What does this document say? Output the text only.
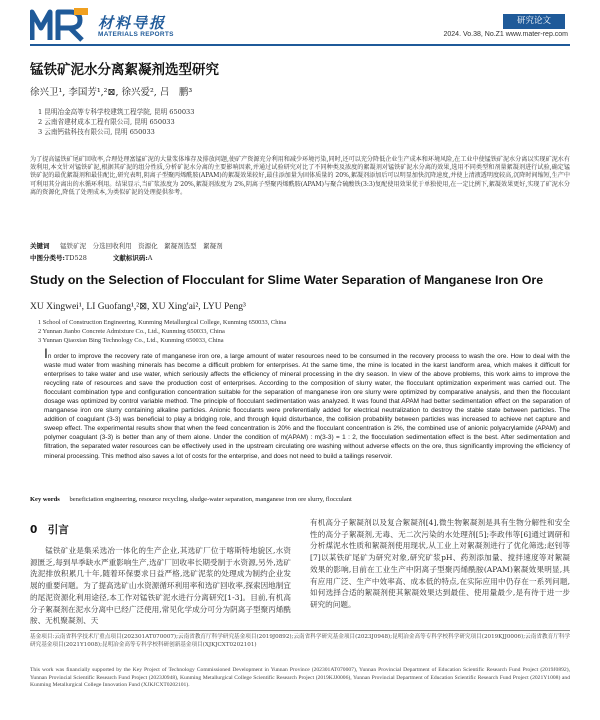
材料导报
MATERIALS REPORTS
研究论文
2024. Vo.38, No.Z1 www.mater-rep.com
锰铁矿泥水分离絮凝剂选型研究
徐兴卫¹, 李国芳¹,²⊠, 徐兴爱², 吕　鹏³
1 昆明冶金高等专科学校建筑工程学院, 昆明 650033
2 云南省建材成本工程有限公司, 昆明 650033
3 云南钙盐科技有限公司, 昆明 650033
为了提高锰铁矿尾矿回收率,合理处理富锰矿泥的大量浆体堆存及排放问题,使矿产资源充分利用和减少环境污染,同时,还可以充分降低企业生产成本和环境风险,在工业中使锰铁矿泥水分离以实现矿泥水有效利用,本文针对锰铁矿泥,根据其矿泥的组分性质,分析矿泥水分离的主要影响因素,并通过试验研究对比了不同种类及浓度的絮凝剂对锰铁矿泥水分离的效果,选用不同类型和剂量絮凝剂进行试验,确定锰铁矿泥的最优絮凝剂和最佳配比,研究表明,阴离子型聚丙烯酰胺(APAM)的絮凝效果较好,最佳添加量为固体质量的 20%,絮凝剂添加后可以明显加快沉降速度,并使上清液透明度较高,沉降时间缩短,生产中可利用其分离出的水循环利用。结果显示,当矿浆浓度为 20%,絮凝剂浓度为 2%,阴离子型聚丙烯酰胺(APAM)与聚合硫酸铁(3:3)复配使用效果优于单独使用,在一定比例下,絮凝效果更好,实现了矿泥水分离的资源化,降低了处理成本,为类似矿泥的处理提供参考。
关键词 　 锰铁矿泥　分选回收利用　资源化　絮凝剂选型　絮凝剂
中图分类号:TD528	文献标识码:A
Study on the Selection of Flocculant for Slime Water Separation of Manganese Iron Ore
XU Xingwei¹, LI Guofang¹,²⊠, XU Xing'ai², LYU Peng³
1 School of Construction Engineering, Kunming Metallurgical College, Kunming 650033, China
2 Yunnan Jianbo Concrete Admixture Co., Ltd., Kunming 650033, China
3 Yunnan Qiaoxian Bing Technology Co., Ltd., Kunming 650033, China
In order to improve the recovery rate of manganese iron ore, a large amount of water resources need to be consumed in the recovery process to wash the ore. How to deal with the waste mud water from washing minerals has become a difficult problem for enterprises. At the same time, the mine is located in the karst landform area, which makes it difficult for enterprises to take water and use water, which seriously affects the efficiency of mineral processing in the dry season. In view of the above problems, this work aims to improve the recycling rate of resources and save the production cost of enterprises. According to the composition of slurry water, the flocculant optimization experiment was carried out. The flocculant combination type and configuration concentration suitable for the separation of manganese iron ore slurry were optimized by comparative analysis, and then the flocculant dosage was optimized by control variable method. The principle of flocculant sedimentation was analyzed. It was found that APAM had better sedimentation effect on the separation of manganese iron ore slurry containing alkaline particles. Anionic flocculants were preferentially added for electrical neutralization to destroy the stable state between particles. The addition of coagulant (3-3) was beneficial to play a bridging role, and through liquid disturbance, the collision probability between particles was increased to achieve net capture and sweep effect. The experimental results show that when the feed concentration is 20% and the flocculant concentration is 2%, the combined use of anionic polyacrylamide (APAM) and polymer coagulant (3-3) is better than any of them alone. Under the condition of m(APAM) : m(3-3) = 1 : 2, the flocculation sedimentation effect is the best. After sedimentation and filtration, the separated water resources can be effectively used in the upstream circulating ore washing without adverse effects on the ore, thus significantly improving the efficiency of mineral processing. This method also saves a lot of costs for the enterprise, and does not need to build a tailings reservoir.
Key words beneficiation engineering, resource recycling, sludge-water separation, manganese iron ore slurry, flocculant
0　引言
锰铁矿业是集采选冶一体化的生产企业,其选矿厂位于喀斯特地貌区,水资源匮乏,每到旱季缺水严重影响生产,选矿厂回收率长期受制于水资源,另外,选矿洗泥排放积累几十年,随着环保要求日益严格,选矿泥浆的处理成为制约企业发展的重要问题。为了提高选矿山水资源循环利用率和选矿回收率,探索因地制宜的尾泥资源化利用途径,本工作对锰铁矿泥水进行分离研究[1-3]。目前,有机高分子絮凝剂在泥水分离中已经广泛使用,常见化学成分可分为阴离子型聚丙烯酰胺、无机聚凝剂、天
有机高分子絮凝剂以及复合絮凝剂[4],微生物絮凝剂是具有生物分解性和安全性的高分子絮凝剂,无毒、无二次污染的水处理剂[5];李政伟等[6]通过调研和分析煤泥水性质和絮凝剂使用现状,从工业上对絮凝剂进行了优化筛选;赵钊等[7]以某铁矿尾矿为研究对象,研究矿浆pH、药剂添加量、搅拌速度等对絮凝效果的影响,目前在工业生产中阴离子型聚丙烯酰胺(APAM)絮凝效果明显,具有应用广泛、生产中效率高、成本低的特点,在实际应用中仍存在一系列问题,如何选择合适的絮凝剂使其絮凝效果达到最佳、使用量最少,是有待于进一步研究的问题。
基金项目:云南省科学技术厅重点项目(202301AT070007);云南省教育厅科学研究基金项目(2019J0892);云南省科学研究基金项目(2023J0948);昆明冶金高等专科学校科学研究项目(2019KJJ0006);云南省教育厅科学研究基金项目(2021Y1008);昆明冶金高等专科学校科研创新基金项目(XJKJCXT0202101)
This work was financially supported by the Key Project of Technology Commissioned Development in Yunnan Province (202301AT070007), Yunnan Provincial Department of Education Scientific Research Fund Project (2019J0892), Yunnan Provincial Scientific Research Fund Project (2023J0948), Kunming Metallurgical College Scientific Research Project (2019KJJ0006), Yunnan Provincial Department of Education Scientific Research Fund Project (2021Y1008) and Kunming Metallurgical College Innovation Fund (XJKJCXT0202101).
